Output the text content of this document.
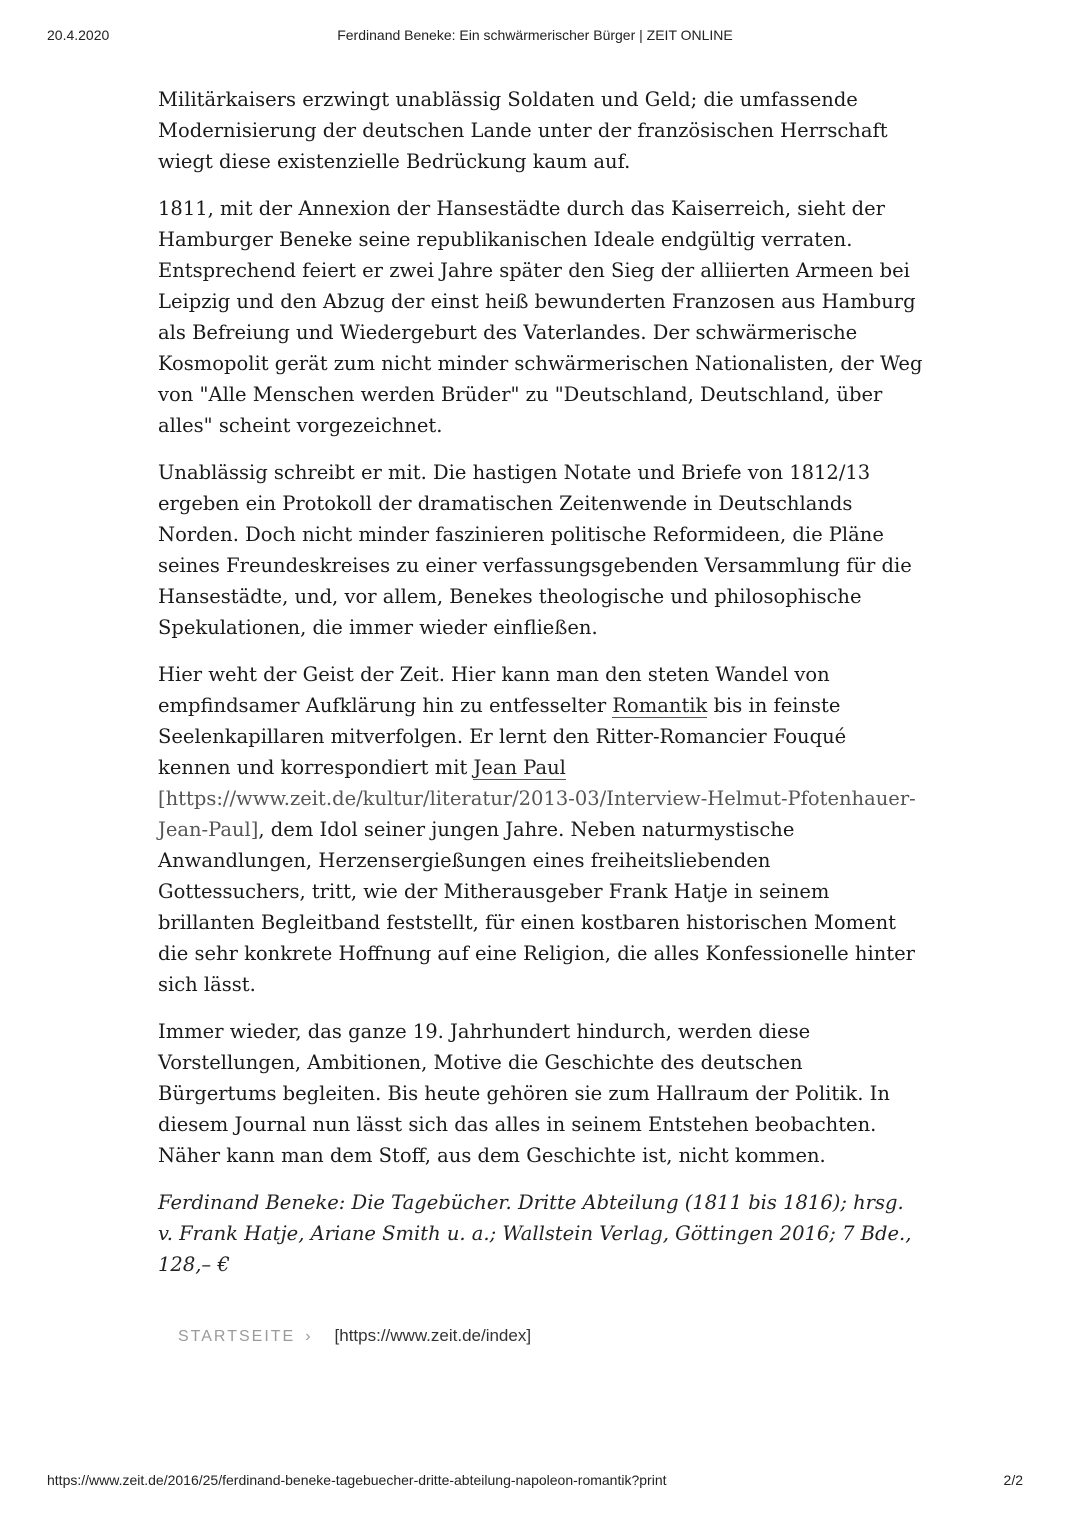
20.4.2020	Ferdinand Beneke: Ein schwärmerischer Bürger | ZEIT ONLINE

Militärkaisers erzwingt unablässig Soldaten und Geld; die umfassende Modernisierung der deutschen Lande unter der französischen Herrschaft wiegt diese existenzielle Bedrückung kaum auf.

1811, mit der Annexion der Hansestädte durch das Kaiserreich, sieht der Hamburger Beneke seine republikanischen Ideale endgültig verraten. Entsprechend feiert er zwei Jahre später den Sieg der alliierten Armeen bei Leipzig und den Abzug der einst heiß bewunderten Franzosen aus Hamburg als Befreiung und Wiedergeburt des Vaterlandes. Der schwärmerische Kosmopolit gerät zum nicht minder schwärmerischen Nationalisten, der Weg von "Alle Menschen werden Brüder" zu "Deutschland, Deutschland, über alles" scheint vorgezeichnet.

Unablässig schreibt er mit. Die hastigen Notate und Briefe von 1812/13 ergeben ein Protokoll der dramatischen Zeitenwende in Deutschlands Norden. Doch nicht minder faszinieren politische Reformideen, die Pläne seines Freundeskreises zu einer verfassungsgebenden Versammlung für die Hansestädte, und, vor allem, Benekes theologische und philosophische Spekulationen, die immer wieder einfließen.

Hier weht der Geist der Zeit. Hier kann man den steten Wandel von empfindsamer Aufklärung hin zu entfesselter Romantik bis in feinste Seelenkapillaren mitverfolgen. Er lernt den Ritter-Romancier Fouqué kennen und korrespondiert mit Jean Paul [https://www.zeit.de/kultur/literatur/2013-03/Interview-Helmut-Pfotenhauer-Jean-Paul], dem Idol seiner jungen Jahre. Neben naturmystische Anwandlungen, Herzensergießungen eines freiheitsliebenden Gottessuchers, tritt, wie der Mitherausgeber Frank Hatje in seinem brillanten Begleitband feststellt, für einen kostbaren historischen Moment die sehr konkrete Hoffnung auf eine Religion, die alles Konfessionelle hinter sich lässt.

Immer wieder, das ganze 19. Jahrhundert hindurch, werden diese Vorstellungen, Ambitionen, Motive die Geschichte des deutschen Bürgertums begleiten. Bis heute gehören sie zum Hallraum der Politik. In diesem Journal nun lässt sich das alles in seinem Entstehen beobachten. Näher kann man dem Stoff, aus dem Geschichte ist, nicht kommen.

Ferdinand Beneke: Die Tagebücher. Dritte Abteilung (1811 bis 1816); hrsg. v. Frank Hatje, Ariane Smith u. a.; Wallstein Verlag, Göttingen 2016; 7 Bde., 128,– €

STARTSEITE › [https://www.zeit.de/index]
https://www.zeit.de/2016/25/ferdinand-beneke-tagebuecher-dritte-abteilung-napoleon-romantik?print	2/2
